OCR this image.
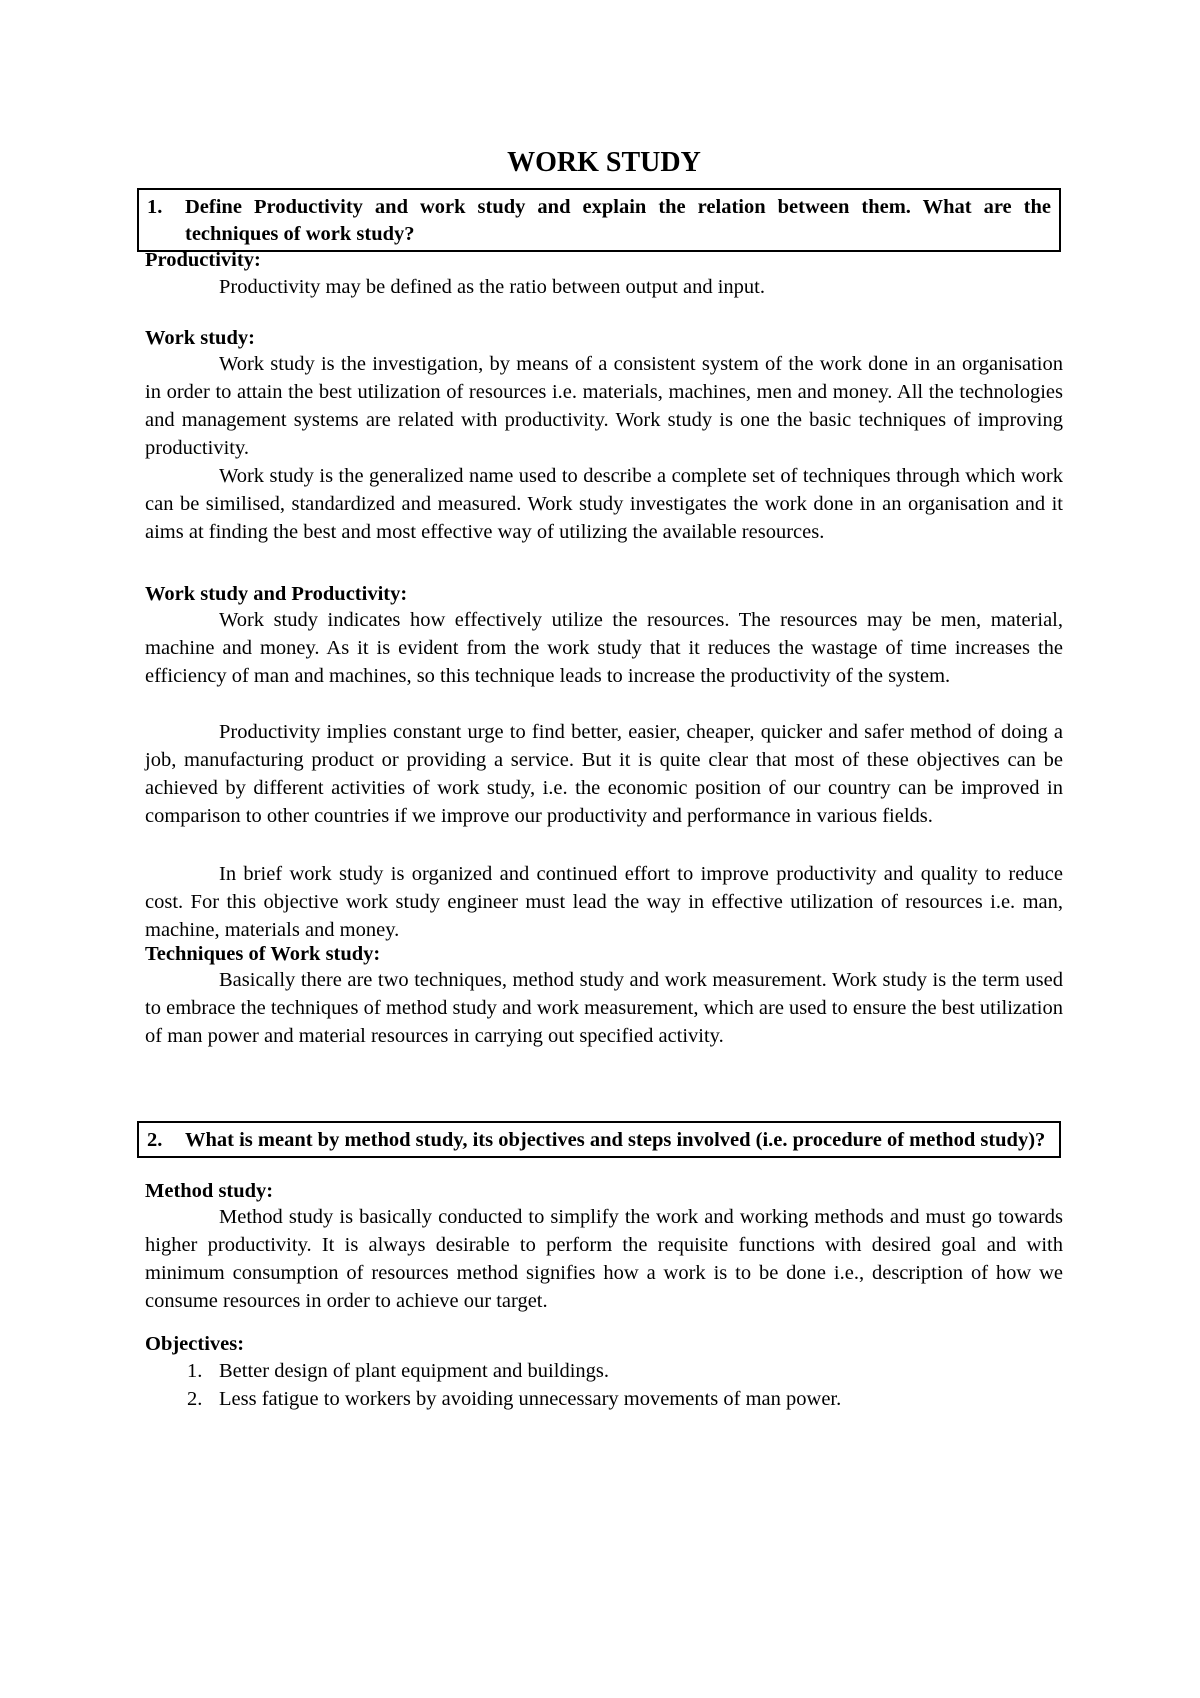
WORK STUDY
1. Define Productivity and work study and explain the relation between them. What are the techniques of work study?
Productivity:

Productivity may be defined as the ratio between output and input.

Work study:

Work study is the investigation, by means of a consistent system of the work done in an organisation in order to attain the best utilization of resources i.e. materials, machines, men and money. All the technologies and management systems are related with productivity. Work study is one the basic techniques of improving productivity.

Work study is the generalized name used to describe a complete set of techniques through which work can be similised, standardized and measured. Work study investigates the work done in an organisation and it aims at finding the best and most effective way of utilizing the available resources.

Work study and Productivity:

Work study indicates how effectively utilize the resources. The resources may be men, material, machine and money. As it is evident from the work study that it reduces the wastage of time increases the efficiency of man and machines, so this technique leads to increase the productivity of the system.

Productivity implies constant urge to find better, easier, cheaper, quicker and safer method of doing a job, manufacturing product or providing a service. But it is quite clear that most of these objectives can be achieved by different activities of work study, i.e. the economic position of our country can be improved in comparison to other countries if we improve our productivity and performance in various fields.

In brief work study is organized and continued effort to improve productivity and quality to reduce cost. For this objective work study engineer must lead the way in effective utilization of resources i.e. man, machine, materials and money.

Techniques of Work study:

Basically there are two techniques, method study and work measurement. Work study is the term used to embrace the techniques of method study and work measurement, which are used to ensure the best utilization of man power and material resources in carrying out specified activity.

2. What is meant by method study, its objectives and steps involved (i.e. procedure of method study)?
Method study:

Method study is basically conducted to simplify the work and working methods and must go towards higher productivity. It is always desirable to perform the requisite functions with desired goal and with minimum consumption of resources method signifies how a work is to be done i.e., description of how we consume resources in order to achieve our target.

Objectives:
1. Better design of plant equipment and buildings.
2. Less fatigue to workers by avoiding unnecessary movements of man power.
